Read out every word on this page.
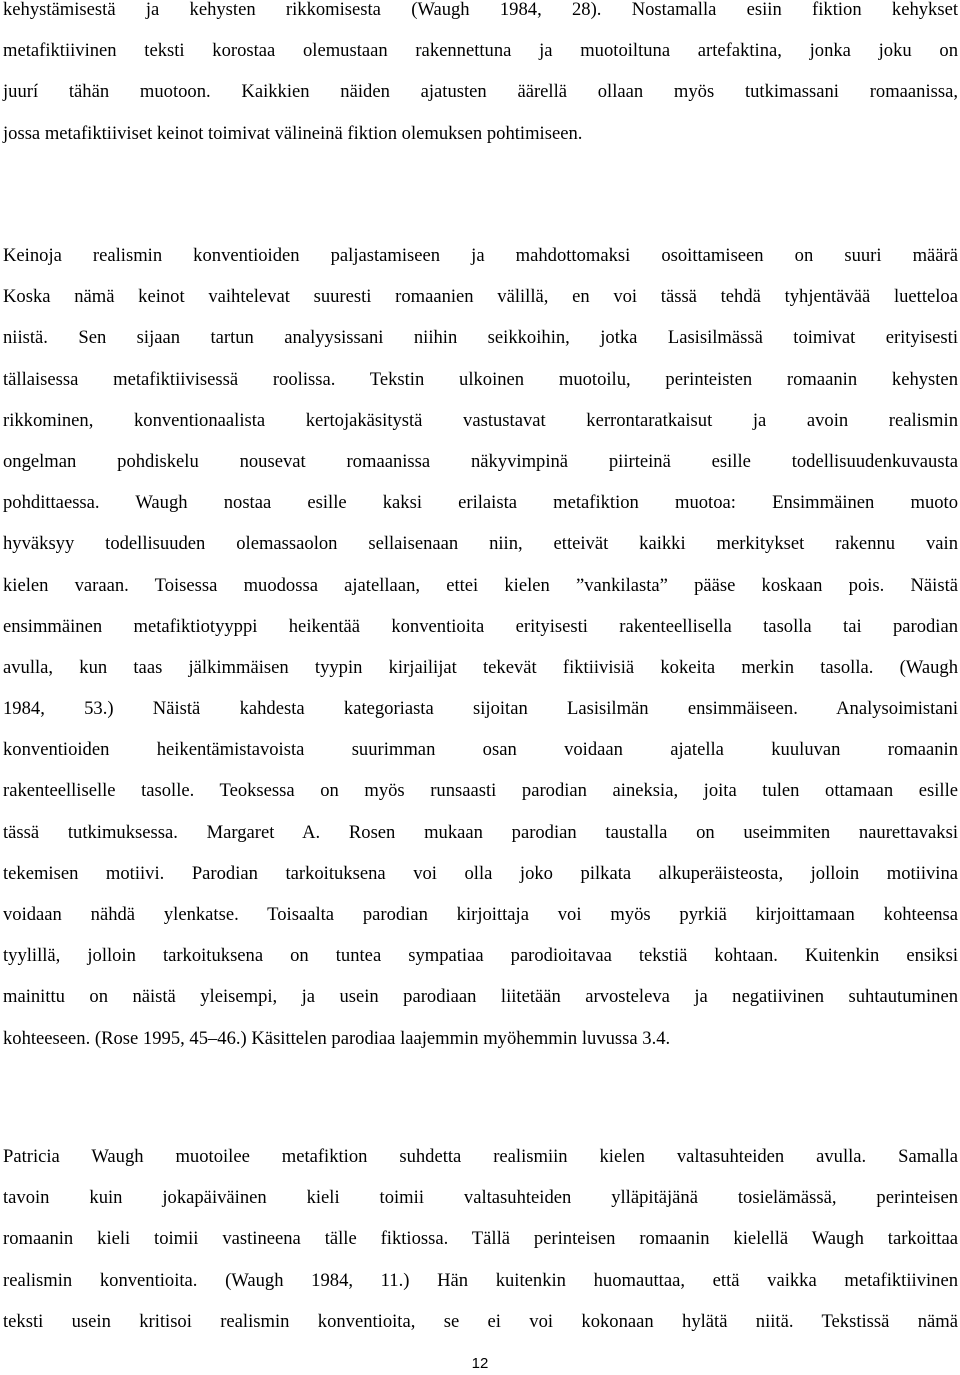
kehystämisestä ja kehysten rikkomisesta (Waugh 1984, 28). Nostamalla esiin fiktion kehykset
metafiktiivinen teksti korostaa olemustaan rakennettuna ja muotoiltuna artefaktina, jonka joku on
juurí tähän muotoon. Kaikkien näiden ajatusten äärellä ollaan myös tutkimassani romaanissa,
jossa metafiktiiviset keinot toimivat välineinä fiktion olemuksen pohtimiseen.
Keinoja realismin konventioiden paljastamiseen ja mahdottomaksi osoittamiseen on suuri määrä
Koska nämä keinot vaihtelevat suuresti romaanien välillä, en voi tässä tehdä tyhjentävää luetteloa
niistä. Sen sijaan tartun analyysissani niihin seikkoihin, jotka Lasisilmässä toimivat erityisesti
tällaisessa metafiktiivisessä roolissa. Tekstin ulkoinen muotoilu, perinteisten romaanin kehysten
rikkominen, konventionaalista kertojakäsitystä vastustavat kerrontaratkaisut ja avoin realismin
ongelman pohdiskelu nousevat romaanissa näkyvimpinä piirteinä esille todellisuudenkuvausta
pohdittaessa. Waugh nostaa esille kaksi erilaista metafiktion muotoa: Ensimmäinen muoto
hyväksyy todellisuuden olemassaolon sellaisenaan niin, etteivät kaikki merkitykset rakennu vain
kielen varaan. Toisessa muodossa ajatellaan, ettei kielen ”vankilasta” pääse koskaan pois. Näistä
ensimmäinen metafiktiotyyppi heikentää konventioita erityisesti rakenteellisella tasolla tai parodian
avulla, kun taas jälkimmäisen tyypin kirjailijat tekevät fiktiivisiä kokeita merkin tasolla. (Waugh
1984, 53.) Näistä kahdesta kategoriasta sijoitan Lasisilmän ensimmäiseen. Analysoimistani
konventioiden heikentämistavoista suurimman osan voidaan ajatella kuuluvan romaanin
rakenteelliselle tasolle. Teoksessa on myös runsaasti parodian aineksia, joita tulen ottamaan esille
tässä tutkimuksessa. Margaret A. Rosen mukaan parodian taustalla on useimmiten naurettavaksi
tekemisen motiivi. Parodian tarkoituksena voi olla joko pilkata alkuperäisteosta, jolloin motiivina
voidaan nähdä ylenkatse. Toisaalta parodian kirjoittaja voi myös pyrkiä kirjoittamaan kohteensa
tyylillä, jolloin tarkoituksena on tuntea sympatiaa parodioitavaa tekstiä kohtaan. Kuitenkin ensiksi
mainittu on näistä yleisempi, ja usein parodiaan liitetään arvosteleva ja negatiivinen suhtautuminen
kohteeseen. (Rose 1995, 45‒46.) Käsittelen parodiaa laajemmin myöhemmin luvussa 3.4.
Patricia Waugh muotoilee metafiktion suhdetta realismiin kielen valtasuhteiden avulla. Samalla
tavoin kuin jokapäiväinen kieli toimii valtasuhteiden ylläpitäjänä tosielämässä, perinteisen
romaanin kieli toimii vastineena tälle fiktiossa. Tällä perinteisen romaanin kielellä Waugh tarkoittaa
realismin konventioita. (Waugh 1984, 11.) Hän kuitenkin huomauttaa, että vaikka metafiktiivinen
teksti usein kritisoi realismin konventioita, se ei voi kokonaan hylätä niitä. Tekstissä nämä
12
